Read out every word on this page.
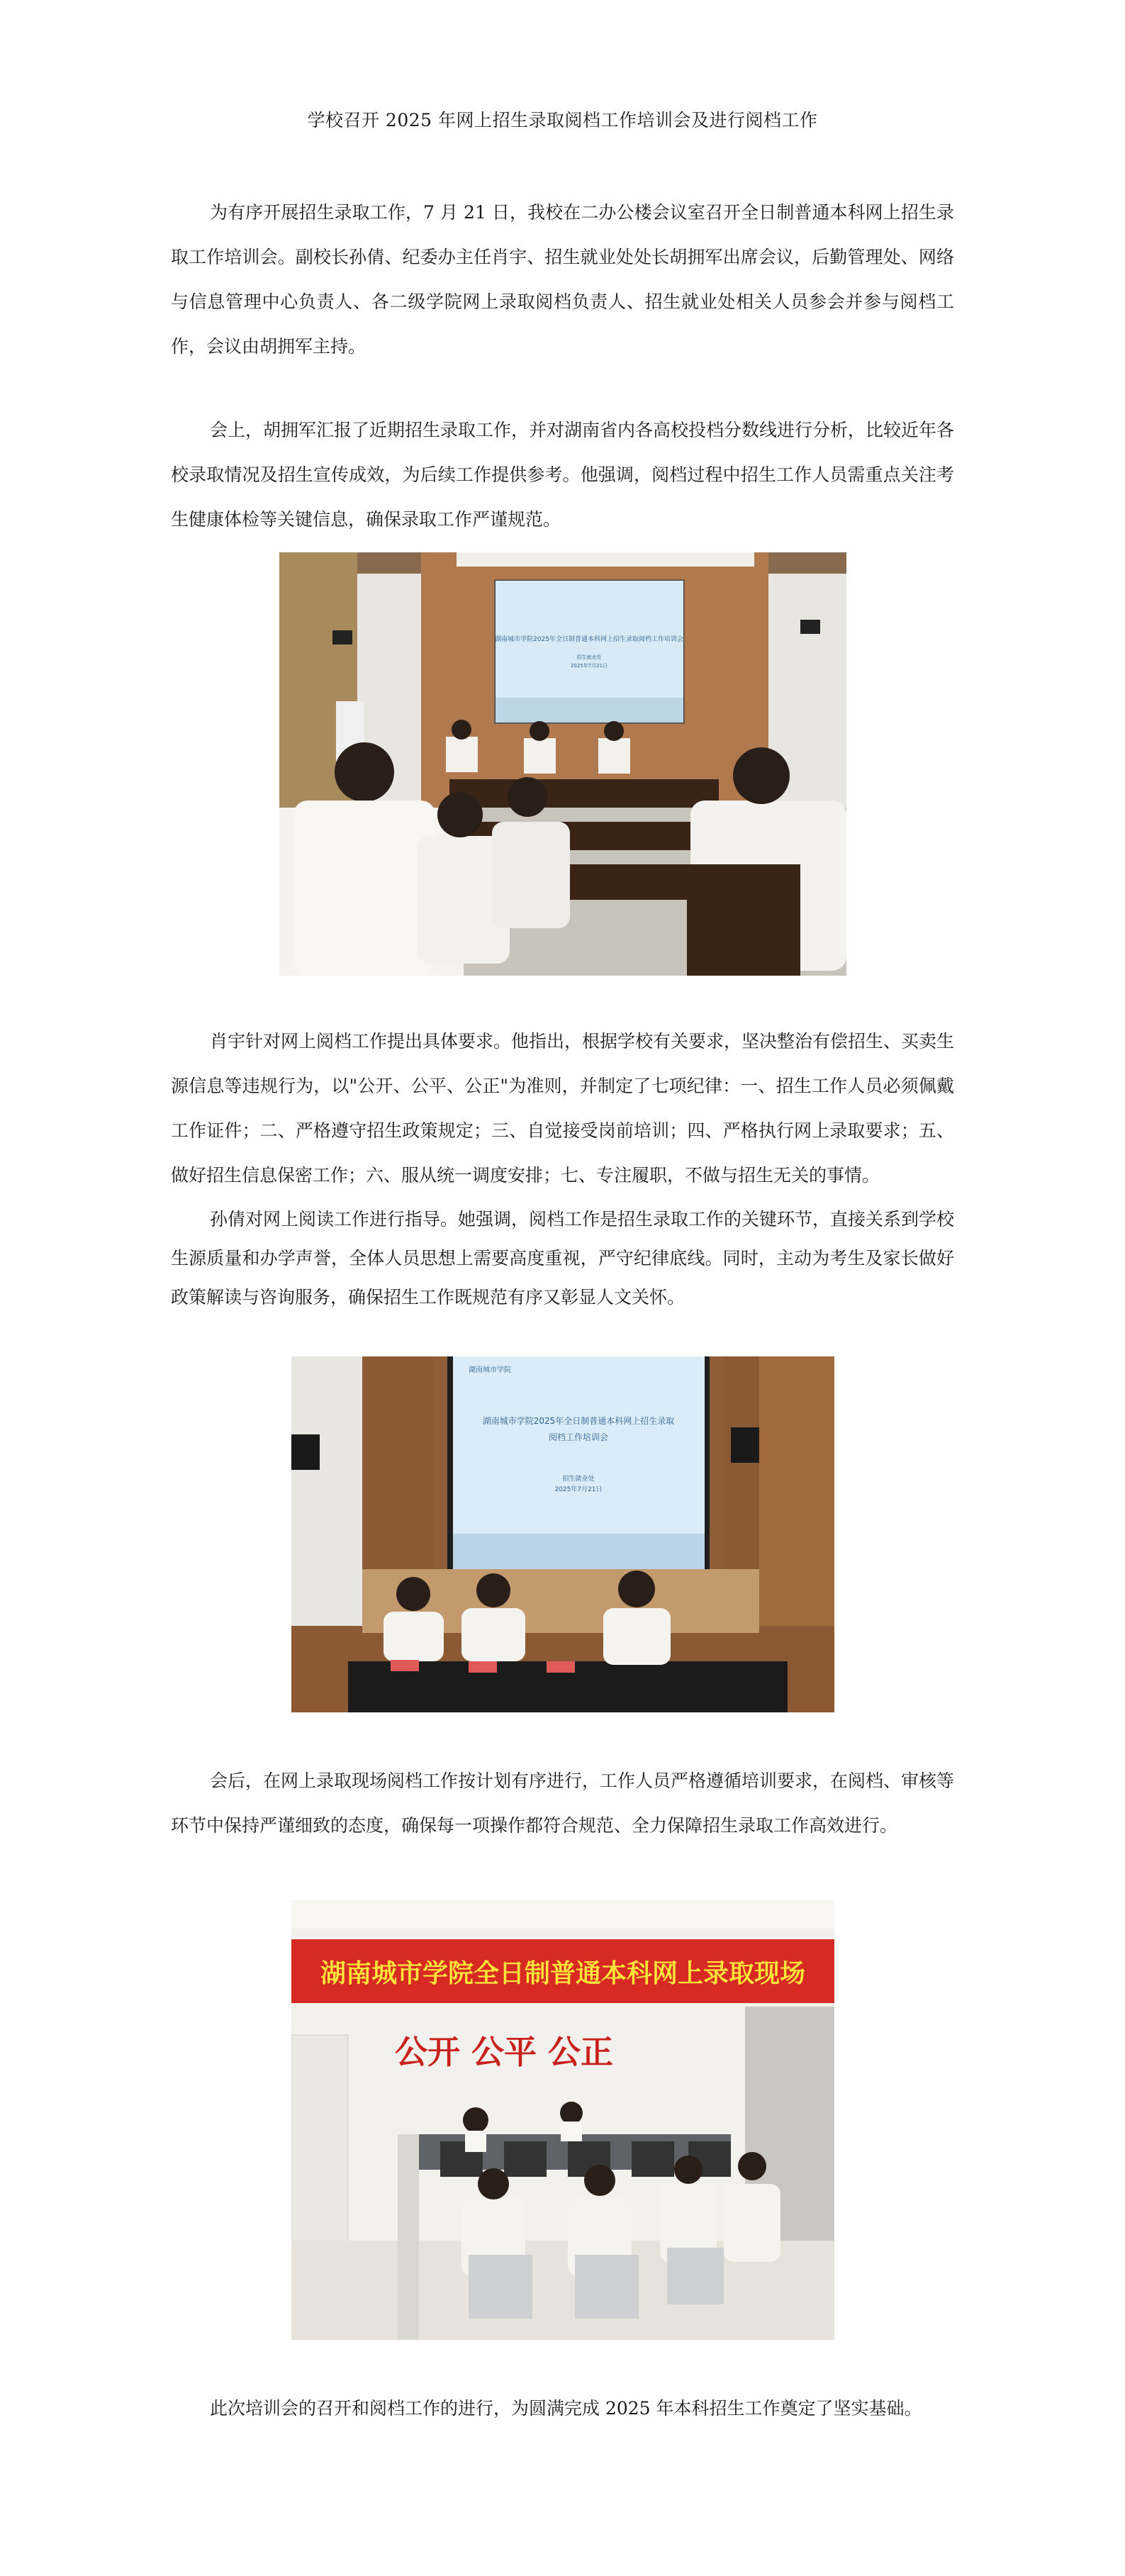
学校召开 2025 年网上招生录取阅档工作培训会及进行阅档工作

为有序开展招生录取工作，7 月 21 日，我校在二办公楼会议室召开全日制普通本科网上招生录取工作培训会。副校长孙倩、纪委办主任肖宇、招生就业处处长胡拥军出席会议，后勤管理处、网络与信息管理中心负责人、各二级学院网上录取阅档负责人、招生就业处相关人员参会并参与阅档工作，会议由胡拥军主持。

会上，胡拥军汇报了近期招生录取工作，并对湖南省内各高校投档分数线进行分析，比较近年各校录取情况及招生宣传成效，为后续工作提供参考。他强调，阅档过程中招生工作人员需重点关注考生健康体检等关键信息，确保录取工作严谨规范。

湖南城市学院2025年全日制普通本科网上招生录取阅档工作培训会
招生就业处
2025年7月21日

肖宇针对网上阅档工作提出具体要求。他指出，根据学校有关要求，坚决整治有偿招生、买卖生源信息等违规行为，以"公开、公平、公正"为准则，并制定了七项纪律：一、招生工作人员必须佩戴工作证件；二、严格遵守招生政策规定；三、自觉接受岗前培训；四、严格执行网上录取要求；五、做好招生信息保密工作；六、服从统一调度安排；七、专注履职，不做与招生无关的事情。

孙倩对网上阅读工作进行指导。她强调，阅档工作是招生录取工作的关键环节，直接关系到学校生源质量和办学声誉，全体人员思想上需要高度重视，严守纪律底线。同时，主动为考生及家长做好政策解读与咨询服务，确保招生工作既规范有序又彰显人文关怀。

湖南城市学院
湖南城市学院2025年全日制普通本科网上招生录取
阅档工作培训会
招生就业处
2025年7月21日

会后，在网上录取现场阅档工作按计划有序进行，工作人员严格遵循培训要求，在阅档、审核等环节中保持严谨细致的态度，确保每一项操作都符合规范、全力保障招生录取工作高效进行。

湖南城市学院全日制普通本科网上录取现场
公开 公平 公正

此次培训会的召开和阅档工作的进行，为圆满完成 2025 年本科招生工作奠定了坚实基础。
